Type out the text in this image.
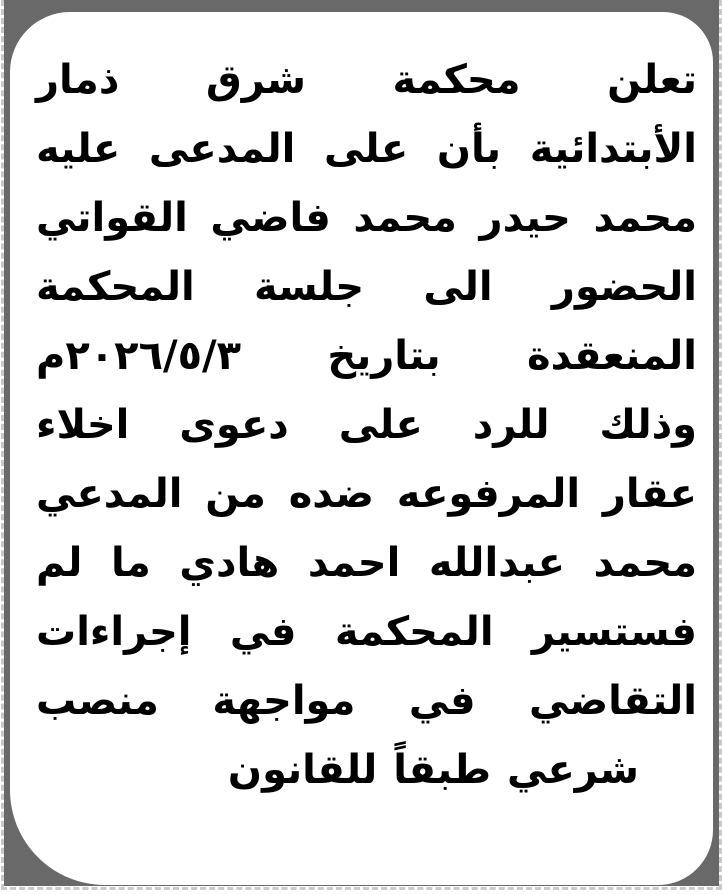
تعلن محكمة شرق ذمار
الأبتدائية بأن على المدعى عليه
محمد حيدر محمد فاضي القواتي
الحضور الى جلسة المحكمة
المنعقدة بتاريخ ٢٠٢٦/٥/٣م
وذلك للرد على دعوى اخلاء
عقار المرفوعه ضده من المدعي
محمد عبدالله احمد هادي ما لم
فستسير المحكمة في إجراءات
التقاضي في مواجهة منصب
شرعي طبقاً للقانون
